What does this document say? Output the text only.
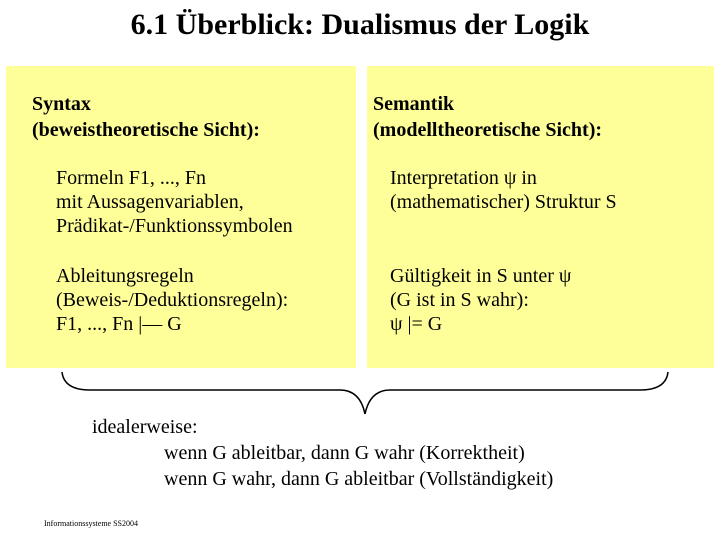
6.1 Überblick: Dualismus der Logik
Syntax
(beweistheoretische Sicht):
Formeln F1, ..., Fn
mit Aussagenvariablen,
Prädikat-/Funktionssymbolen
Ableitungsregeln
(Beweis-/Deduktionsregeln):
F1, ..., Fn |— G
Semantik
(modelltheoretische Sicht):
Interpretation ψ in
(mathematischer) Struktur S
Gültigkeit in S unter ψ
(G ist in S wahr):
ψ |= G
idealerweise:
wenn G ableitbar, dann G wahr (Korrektheit)
wenn G wahr, dann G ableitbar (Vollständigkeit)
Informationssysteme SS2004
